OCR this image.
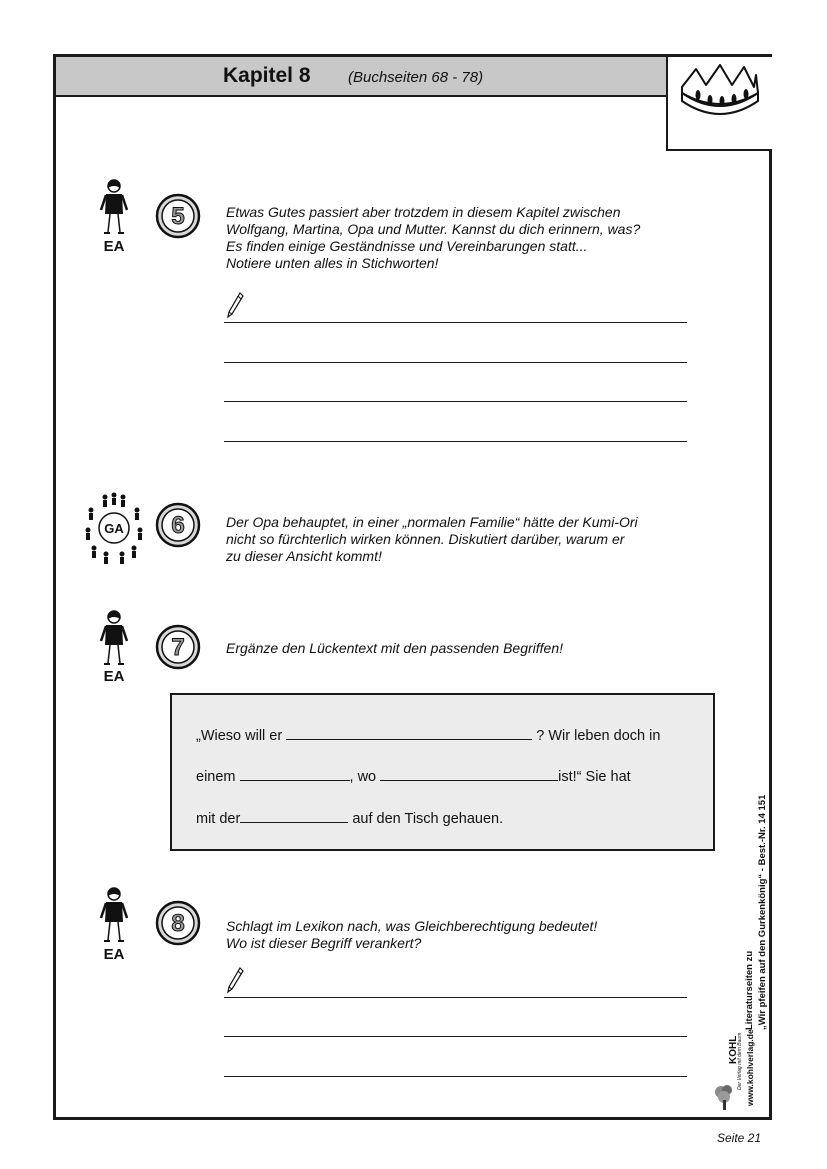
Kapitel 8 (Buchseiten 68 - 78)
EA
5	Etwas Gutes passiert aber trotzdem in diesem Kapitel zwischen
Wolfgang, Martina, Opa und Mutter. Kannst du dich erinnern, was?
Es finden einige Geständnisse und Vereinbarungen statt...
Notiere unten alles in Stichworten!
GA 6	Der Opa behauptet, in einer „normalen Familie“ hätte der Kumi-Ori
nicht so fürchterlich wirken können. Diskutiert darüber, warum er
zu dieser Ansicht kommt!
EA
7	Ergänze den Lückentext mit den passenden Begriffen!
„Wieso will er	? Wir leben doch in
einem	, wo	ist!“ Sie hat
mit der	auf den Tisch gehauen.
EA
8	Schlagt im Lexikon nach, was Gleichberechtigung bedeutet!
Wo ist dieser Begriff verankert?
Literaturseiten zu „Wir pfeifen auf den Gurkenkönig“ - Best.-Nr. 14 151
KOHL
Der Verlag mit dem Baum www.kohlverlag.de
Seite 21
